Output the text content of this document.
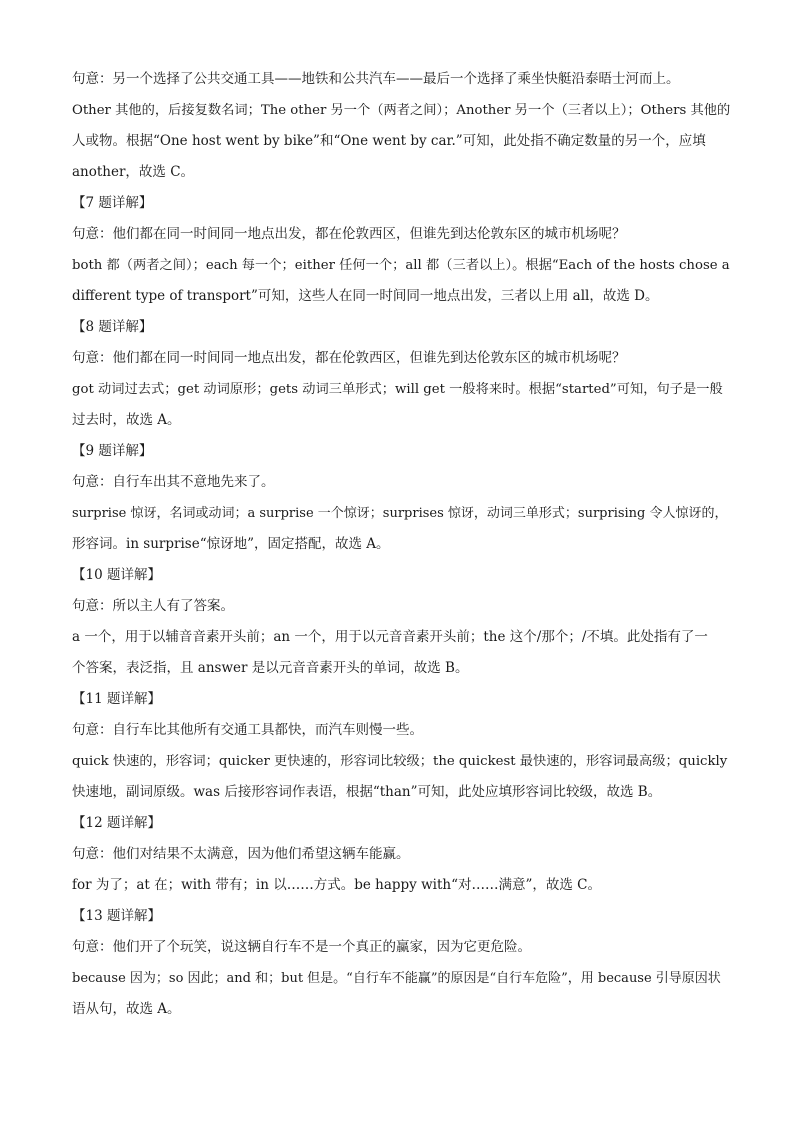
句意：另一个选择了公共交通工具——地铁和公共汽车——最后一个选择了乘坐快艇沿泰晤士河而上。
Other 其他的，后接复数名词；The other 另一个（两者之间）；Another 另一个（三者以上）；Others 其他的
人或物。根据“One host went by bike”和“One went by car.”可知，此处指不确定数量的另一个，应填
another，故选 C。
【7 题详解】
句意：他们都在同一时间同一地点出发，都在伦敦西区，但谁先到达伦敦东区的城市机场呢？
both 都（两者之间）；each 每一个；either 任何一个；all 都（三者以上）。根据“Each of the hosts chose a
different type of transport”可知，这些人在同一时间同一地点出发，三者以上用 all，故选 D。
【8 题详解】
句意：他们都在同一时间同一地点出发，都在伦敦西区，但谁先到达伦敦东区的城市机场呢？
got 动词过去式；get 动词原形；gets 动词三单形式；will get 一般将来时。根据“started”可知，句子是一般
过去时，故选 A。
【9 题详解】
句意：自行车出其不意地先来了。
surprise 惊讶，名词或动词；a surprise 一个惊讶；surprises 惊讶，动词三单形式；surprising 令人惊讶的，
形容词。in surprise“惊讶地”，固定搭配，故选 A。
【10 题详解】
句意：所以主人有了答案。
a 一个，用于以辅音音素开头前；an 一个，用于以元音音素开头前；the 这个/那个；/不填。此处指有了一
个答案，表泛指，且 answer 是以元音音素开头的单词，故选 B。
【11 题详解】
句意：自行车比其他所有交通工具都快，而汽车则慢一些。
quick 快速的，形容词；quicker 更快速的，形容词比较级；the quickest 最快速的，形容词最高级；quickly
快速地，副词原级。was 后接形容词作表语，根据“than”可知，此处应填形容词比较级，故选 B。
【12 题详解】
句意：他们对结果不太满意，因为他们希望这辆车能赢。
for 为了；at 在；with 带有；in 以……方式。be happy with“对……满意”，故选 C。
【13 题详解】
句意：他们开了个玩笑，说这辆自行车不是一个真正的赢家，因为它更危险。
because 因为；so 因此；and 和；but 但是。“自行车不能赢”的原因是“自行车危险”，用 because 引导原因状
语从句，故选 A。
